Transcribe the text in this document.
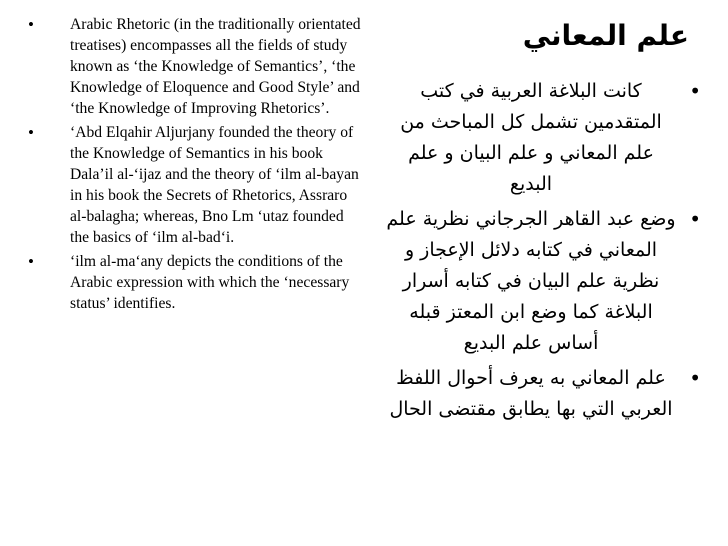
• Arabic Rhetoric (in the traditionally orientated treatises) encompasses all the fields of study known as ‘the Knowledge of Semantics’, ‘the Knowledge of Eloquence and Good Style’ and ‘the Knowledge of Improving Rhetorics’.
• ‘Abd Elqahir Aljurjany founded the theory of the Knowledge of Semantics in his book Dala’il al-‘ijaz and the theory of ‘ilm al-bayan in his book the Secrets of Rhetorics, Assraro al-balagha; whereas, Bno Lm ‘utaz founded the basics of ‘ilm al-bad‘i.
• ‘ilm al-ma‘any depicts the conditions of the Arabic expression with which the ‘necessary status’ identifies.
علم المعاني
•
كانت البلاغة العربية في كتب المتقدمين تشمل كل المباحث من علم المعاني و علم البيان و علم البديع
•
وضع عبد القاهر الجرجاني نظرية علم المعاني في كتابه دلائل الإعجاز و نظرية علم البيان في كتابه أسرار البلاغة كما وضع ابن المعتز قبله أساس علم البديع
•
علم المعاني به يعرف أحوال اللفظ العربي التي بها يطابق مقتضى الحال
